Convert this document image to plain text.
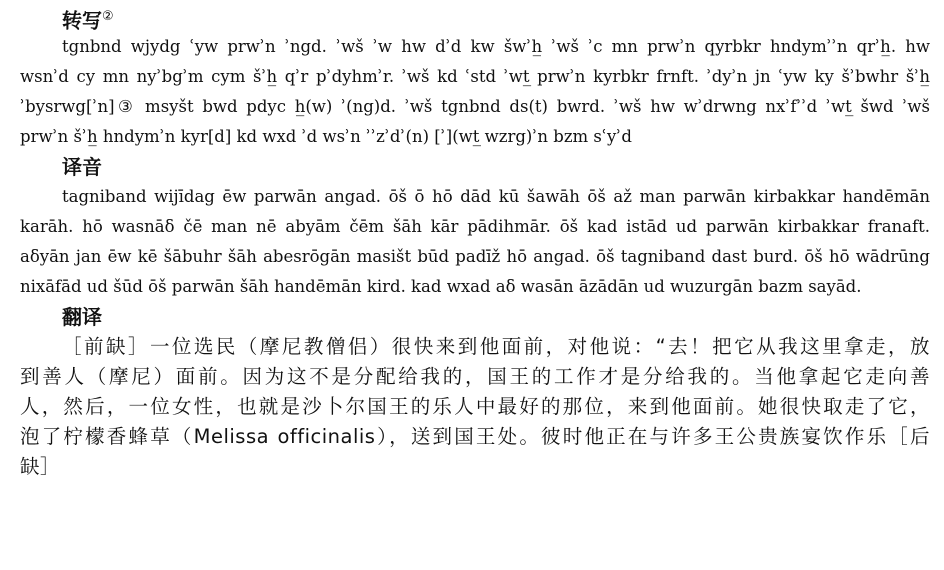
转写②
tgnbnd wjydg ʿyw prwʾn ʾngd. ʾwš ʾw hw dʾd kw šwʾh̲ ʾwš ʾc mn prwʾn qyrbkr hndymʾʾn qrʾh̲. hw
wsnʾd cy mn nyʾbgʾm cym šʾh̲ qʾr pʾdyhmʾr. ʾwš kd ʿstd ʾwt̲ prwʾn kyrbkr frnft. ʾdyʾn jn ʿyw ky šʾbwhr šʾh̲
ʾbysrwg[ʾn]③ msyšt bwd pdyc h̲(w) ʾ(ng)d. ʾwš tgnbnd ds(t) bwrd. ʾwš hw wʾdrwng nxʾfʾʾd ʾwt̲ šwd ʾwš
prwʾn šʾh̲ hndymʾn kyr[d] kd wxd ʾd wsʾn ʾʾzʾdʾ(n) [ʾ](wt̲ wzrg)ʾn bzm sʿyʾd
译音
tagniband wijīdag ēw parwān angad. ōš ō hō dād kū šawāh ōš až man parwān kirbakkar handēmān
karāh. hō wasnāδ čē man nē abyām čēm šāh kār pādihmār. ōš kad istād ud parwān kirbakkar franaft.
aδyān jan ēw kē šābuhr šāh abesrōgān masišt būd padīž hō angad. ōš tagniband dast burd. ōš hō wādrūng
nixāfād ud šūd ōš parwān šāh handēmān kird. kad wxad aδ wasān āzādān ud wuzurgān bazm sayād.
翻译
［前缺］一位选民（摩尼教僧侣）很快来到他面前，对他说：“去！把它从我这里拿走，放
到善人（摩尼）面前。因为这不是分配给我的，国王的工作才是分给我的。当他拿起它走向善
人，然后，一位女性，也就是沙卜尔国王的乐人中最好的那位，来到他面前。她很快取走了它，
泡了柠檬香蜂草（Melissa officinalis），送到国王处。彼时他正在与许多王公贵族宴饮作乐［后
缺］
